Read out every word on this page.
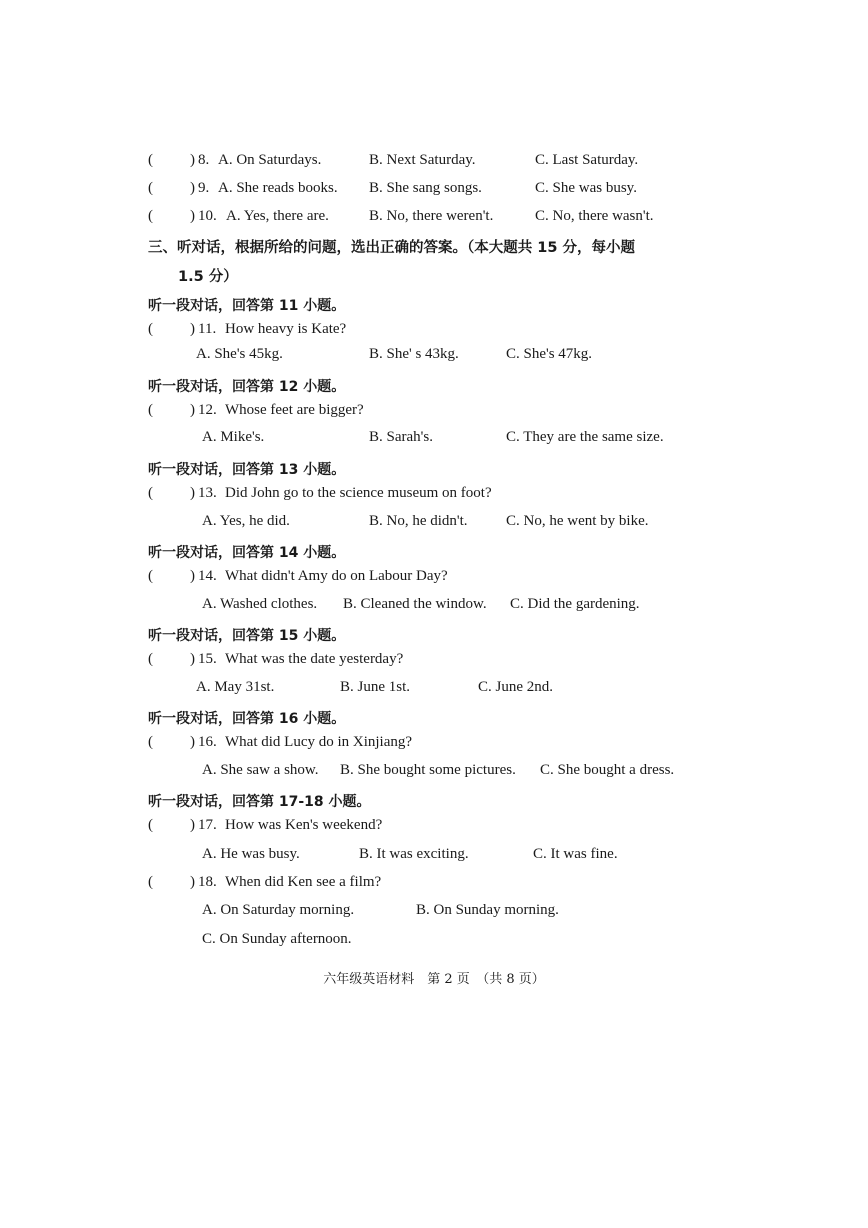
( ) 8. A. On Saturdays.	B. Next Saturday.	C. Last Saturday.
( ) 9. A. She reads books. B. She sang songs.	C. She was busy.
( ) 10. A. Yes, there are.	B. No, there weren't.	C. No, there wasn't.
三、听对话，根据所给的问题，选出正确的答案。（本大题共 15 分，每小题
1.5 分）
听一段对话，回答第 11 小题。
( ) 11. How heavy is Kate?
A. She's 45kg.	B. She' s 43kg.	C. She's 47kg.
听一段对话，回答第 12 小题。
( ) 12. Whose feet are bigger?
A. Mike's.	B. Sarah's.	C. They are the same size.
听一段对话，回答第 13 小题。
( ) 13. Did John go to the science museum on foot?
A. Yes, he did.	B. No, he didn't.	C. No, he went by bike.
听一段对话，回答第 14 小题。
( ) 14. What didn't Amy do on Labour Day?
A. Washed clothes. B. Cleaned the window. C. Did the gardening.
听一段对话，回答第 15 小题。
( ) 15. What was the date yesterday?
A. May 31st.	B. June 1st.	C. June 2nd.
听一段对话，回答第 16 小题。
( ) 16. What did Lucy do in Xinjiang?
A. She saw a show. B. She bought some pictures. C. She bought a dress.
听一段对话，回答第 17-18 小题。
( ) 17. How was Ken's weekend?
A. He was busy.	B. It was exciting.	C. It was fine.
( ) 18. When did Ken see a film?
A. On Saturday morning.	B. On Sunday morning.
C. On Sunday afternoon.
六年级英语材料　第 2 页　（共 8 页）
